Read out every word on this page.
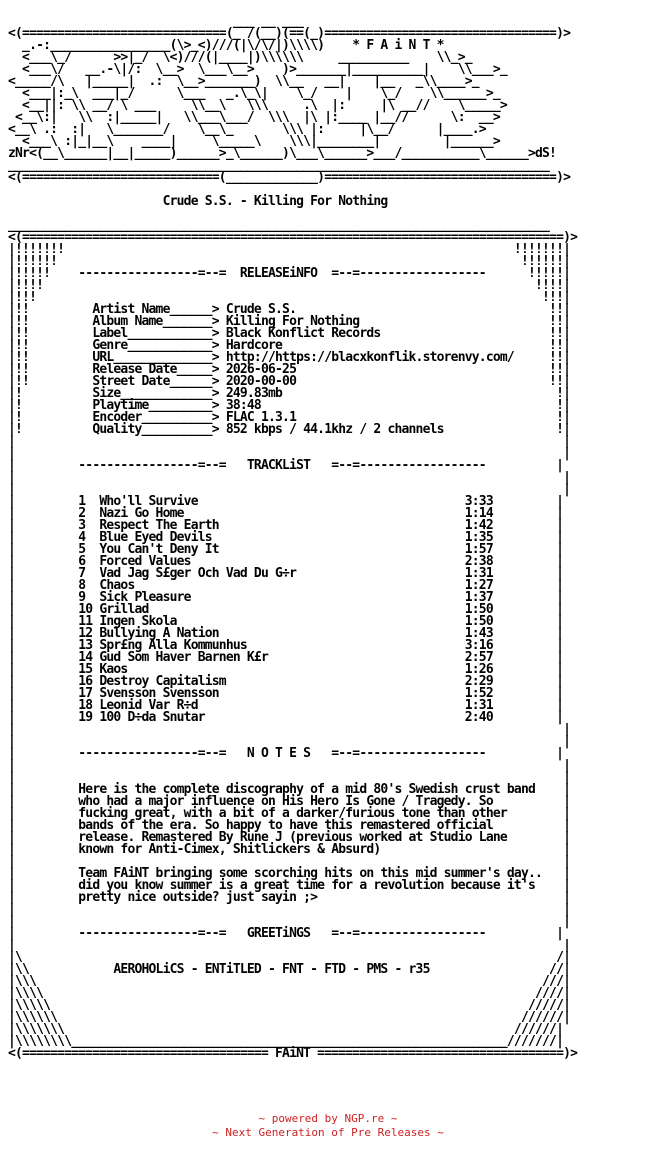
___ __ ___
<(=============================(_ /(__)(==(_)=================================)>
_.-:_________________(\>_<)///(|\/\/|)\\\\)    * F A i N T *
<___\_/      >>|_/  \<)///(|____|)\\\\\\     __________    \\_>_
<___\/   __.-\|/:  \__>  \___\__>    )>_______|__________|    \\___>_
<_____/\   |_____|  .:  \__>_______)  \\__   __|    |__   _\\____>_
<___|:_\  ___|_/      \___   _.\_\|    \_/    |    \_/    \\______>_
<__||: \\ __/ \ ___     \\__\   \\\     .\  |:     |\ __//    \_____>
<__\:|   \\  :|_____|   \\___\___/  \\\  |\ |:____ |__//      \:  __>
<__\ .:  :|   \_______/    \__\_       \\\ |:     |\__/      |____.>
<___\ :|_|__\    ____|     \_____\    \\\|________|         |______>
zNr<(__\______|__|_____)______>_\______)\___\______>___/___________\______>dS!
_____________________________________________________________________________
<(============================(_____________)=================================)>

Crude S.S. - Killing For Nothing

_____________________________________________________________________________
<(=============================================================================)>
|!!!!!!!                                                                !!!!!!!|
|!!!!!!                                                                  !!!!!!|
|!!!!!    -----------------=--=  RELEASEiNFO  =--=------------------      !!!!!|
|!!!!                                                                      !!!!|
|!!!                                                                        !!!|
|!!         Artist Name______> Crude S.S.                                    !!|
|!!         Album Name_______> Killing For Nothing                           !!|
|!!         Label____________> Black Konflict Records                        !!|
|!!         Genre____________> Hardcore                                      !!|
|!!         URL______________> http://https://blacxkonflik.storenvy.com/     !!|
|!!         Release Date_____> 2026-06-25                                    !!|
|!!         Street Date______> 2020-00-00                                    !!|
|!          Size_____________> 249.83mb                                       !|
|!          Playtime_________> 38:48                                          !|
|!          Encoder__________> FLAC 1.3.1                                     !|
|!          Quality__________> 852 kbps / 44.1khz / 2 channels                !|
|                                                                              |
|                                                                              |
|         -----------------=--=   TRACKLiST   =--=------------------          |
|                                                                              |
|                                                                              |
|         1  Who'll Survive                                      3:33         |
|         2  Nazi Go Home                                        1:14         |
|         3  Respect The Earth                                   1:42         |
|         4  Blue Eyed Devils                                    1:35         |
|         5  You Can't Deny It                                   1:57         |
|         6  Forced Values                                       2:38         |
|         7  Vad Jag S£ger Och Vad Du G÷r                        1:31         |
|         8  Chaos                                               1:27         |
|         9  Sick Pleasure                                       1:37         |
|         10 Grillad                                             1:50         |
|         11 Ingen Skola                                         1:50         |
|         12 Bullying A Nation                                   1:43         |
|         13 Spr£ng Alla Kommunhus                               3:16         |
|         14 Gud Som Haver Barnen K£r                            2:57         |
|         15 Kaos                                                1:26         |
|         16 Destroy Capitalism                                  2:29         |
|         17 Svensson Svensson                                   1:52         |
|         18 Leonid Var R÷d                                      1:31         |
|         19 100 D÷da Snutar                                     2:40         |
|                                                                              |
|                                                                              |
|         -----------------=--=   N O T E S   =--=------------------          |
|                                                                              |
|                                                                              |
|         Here is the complete discography of a mid 80's Swedish crust band    |
|         who had a major influence on His Hero Is Gone / Tragedy. So          |
|         fucking great, with a bit of a darker/furious tone than other        |
|         bands of the era. So happy to have this remastered official          |
|         release. Remastered By Rune J (previous worked at Studio Lane        |
|         known for Anti-Cimex, Shitlickers & Absurd)                          |
|                                                                              |
|         Team FAiNT bringing some scorching hits on this mid summer's day..   |
|         did you know summer is a great time for a revolution because it's    |
|         pretty nice outside? just sayin ;>                                   |
|                                                                              |
|                                                                              |
|         -----------------=--=   GREETiNGS   =--=------------------          |
|                                                                              |
|\                                                                            /|
|\\            AEROHOLiCS - ENTiTLED - FNT - FTD - PMS - r35                 //|
|\\\                                                                        ///|
|\\\\                                                                      ////|
|\\\\\                                                                    /////|
|\\\\\\                                                                  //////|
|\\\\\\\                                                                //////|
|\\\\\\\\______________________________________________________________///////|
<(=================================== FAiNT ===================================)>
~ powered by NGP.re ~
~ Next Generation of Pre Releases ~
